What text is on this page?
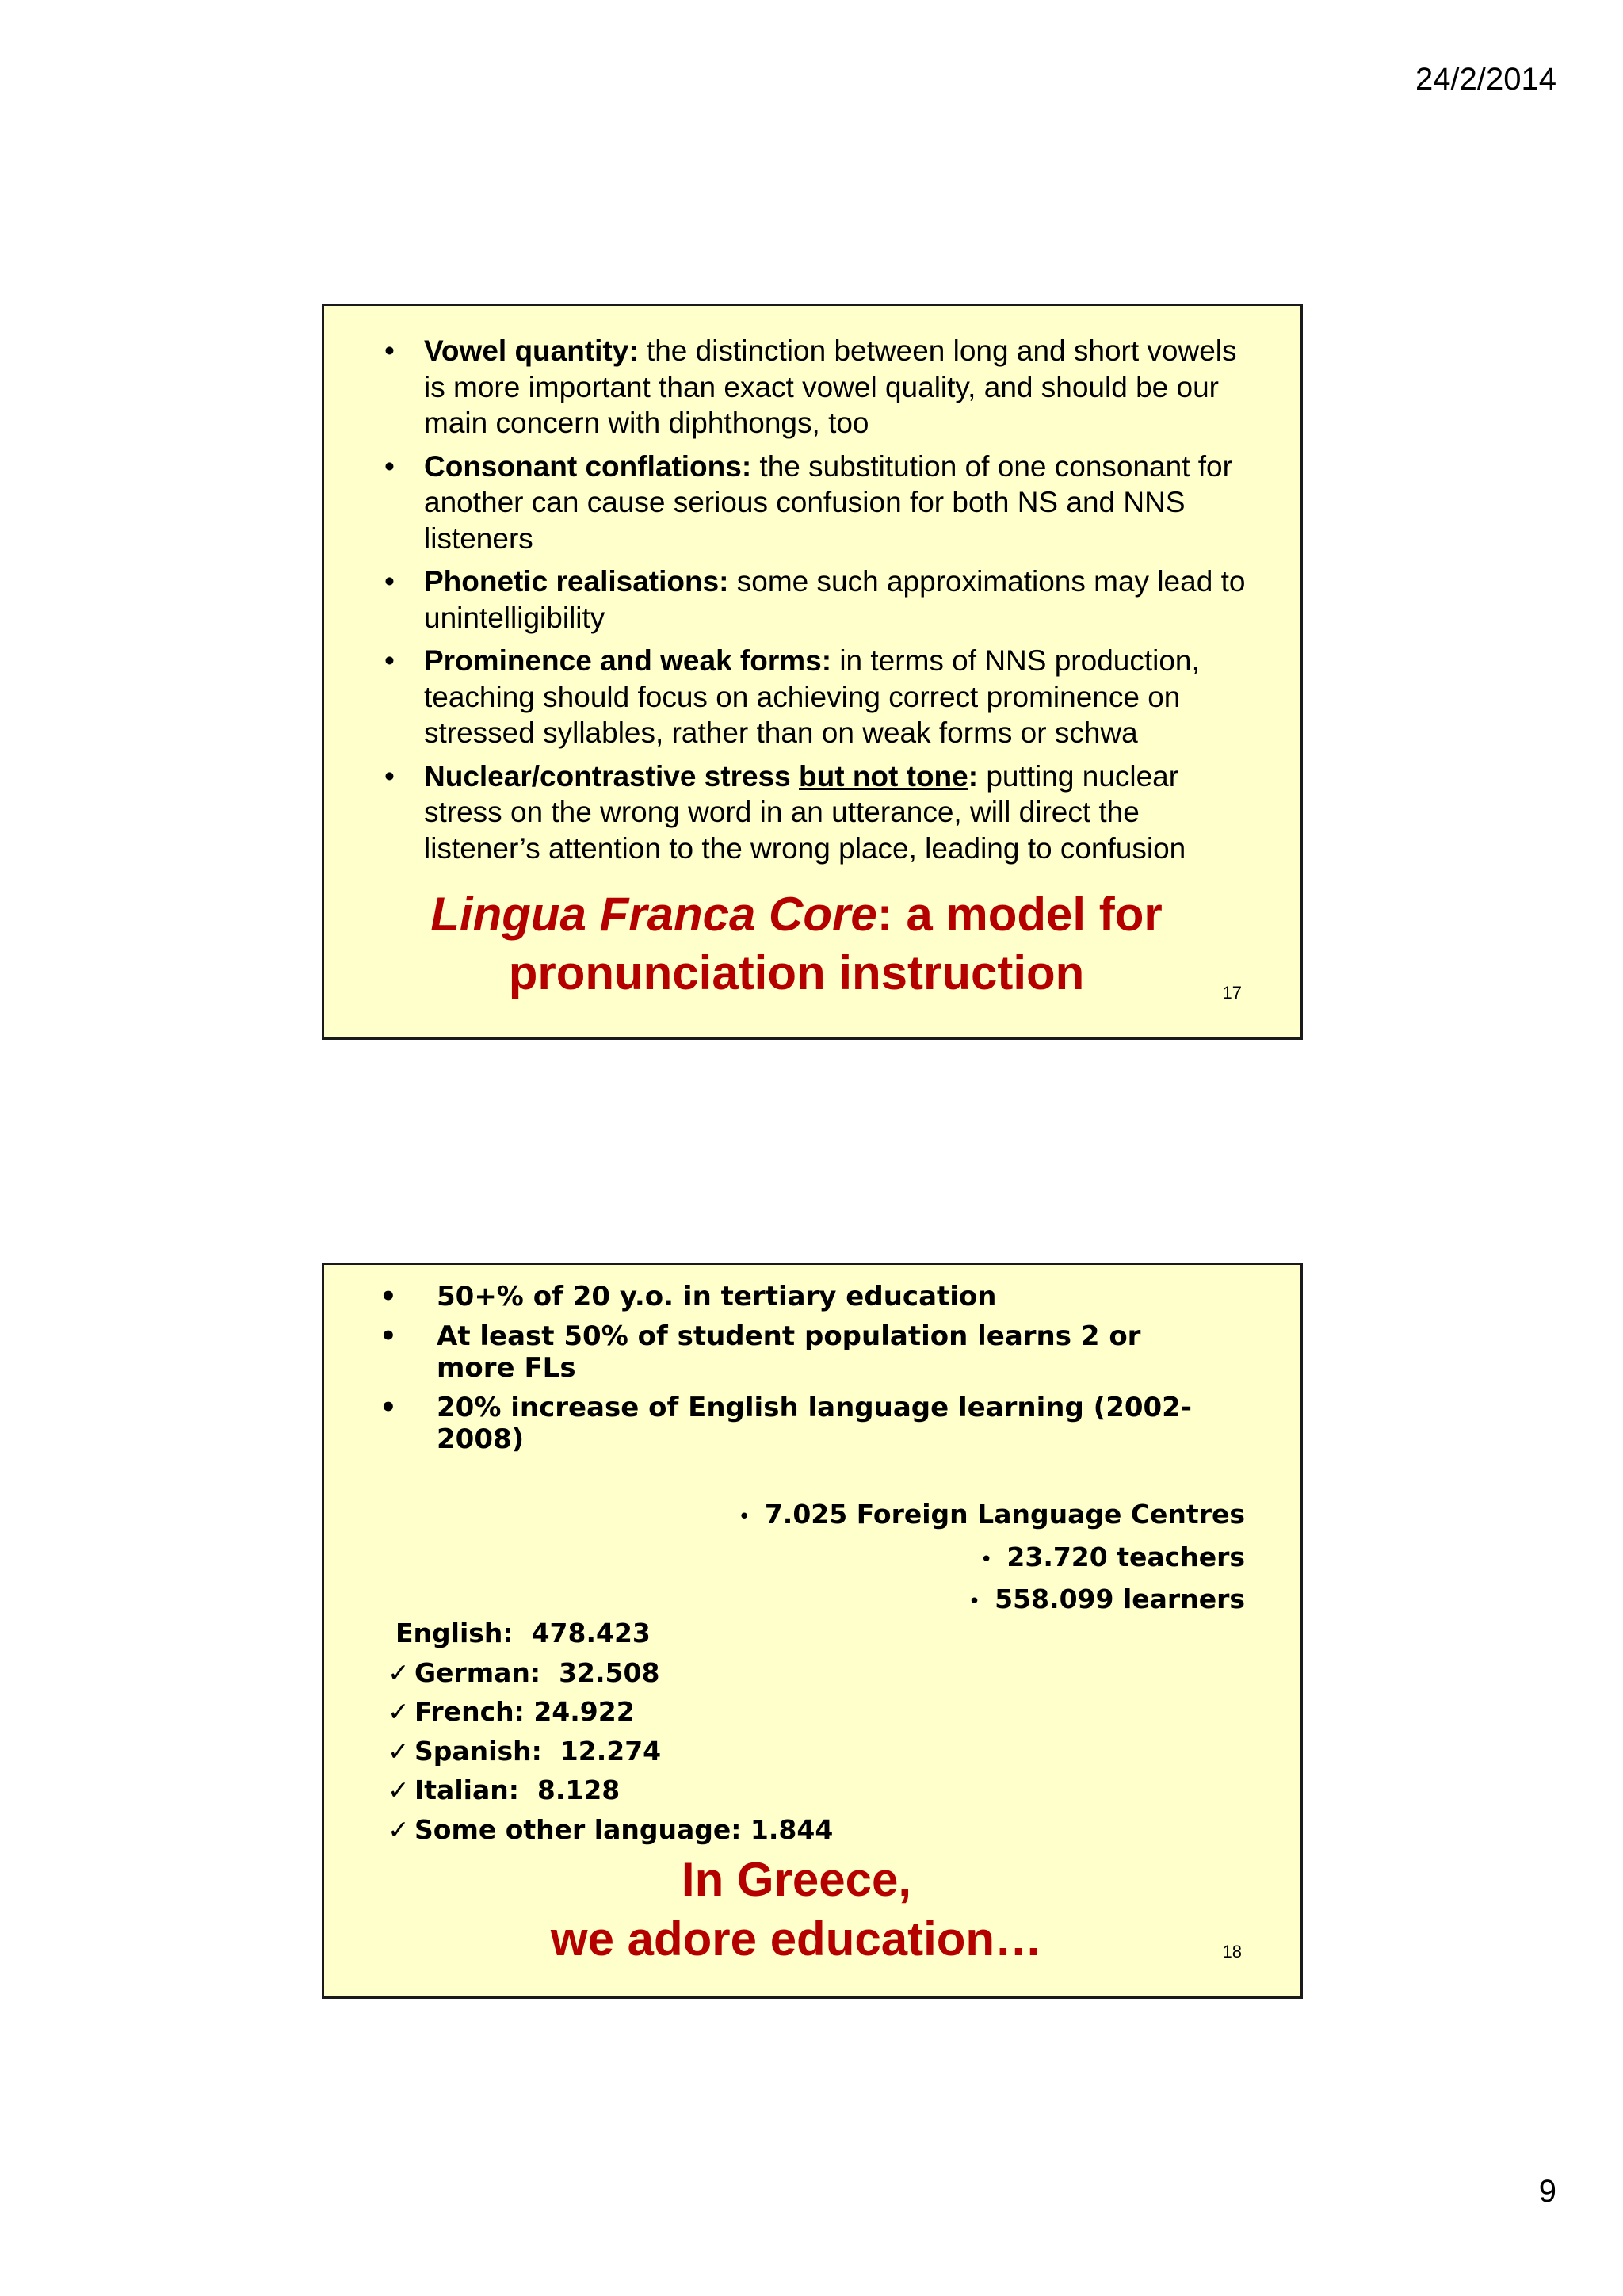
24/2/2014
• Vowel quantity: the distinction between long and short vowels is more important than exact vowel quality, and should be our main concern with diphthongs, too
• Consonant conflations: the substitution of one consonant for another can cause serious confusion for both NS and NNS listeners
• Phonetic realisations: some such approximations may lead to unintelligibility
• Prominence and weak forms: in terms of NNS production, teaching should focus on achieving correct prominence on stressed syllables, rather than on weak forms or schwa
• Nuclear/contrastive stress but not tone: putting nuclear stress on the wrong word in an utterance, will direct the listener’s attention to the wrong place, leading to confusion
Lingua Franca Core: a model for
pronunciation instruction	17
• 50+% of 20 y.o. in tertiary education
• At least 50% of student population learns 2 or more FLs
• 20% increase of English language learning (2002-2008)
• 7.025 Foreign Language Centres
• 23.720 teachers
• 558.099 learners
English:  478.423
✓ German:  32.508
✓ French: 24.922
✓ Spanish:  12.274
✓ Italian:  8.128
✓ Some other language: 1.844
In Greece,
we adore education…	18
9
